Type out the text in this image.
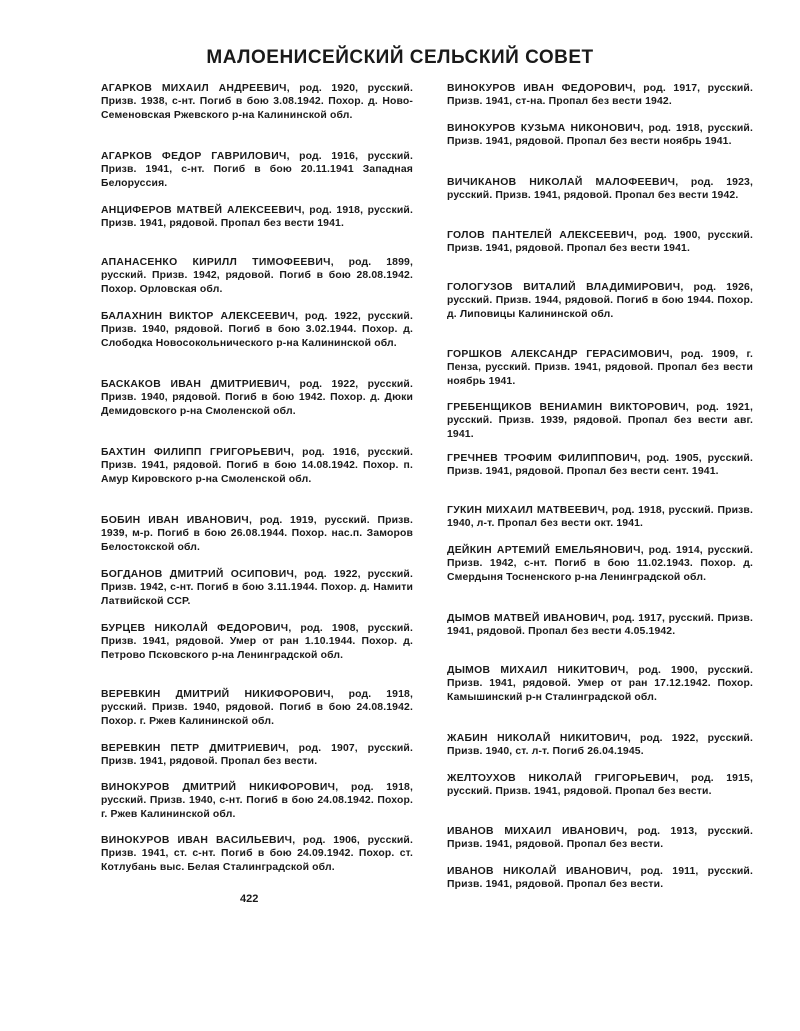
МАЛОЕНИСЕЙСКИЙ СЕЛЬСКИЙ СОВЕТ
АГАРКОВ МИХАИЛ АНДРЕЕВИЧ, род. 1920, русский. Призв. 1938, с-нт. Погиб в бою 3.08.1942. Похор. д. Ново-Семеновская Ржевского р-на Калининской обл.
АГАРКОВ ФЕДОР ГАВРИЛОВИЧ, род. 1916, русский. Призв. 1941, с-нт. Погиб в бою 20.11.1941 Западная Белоруссия.
АНЦИФЕРОВ МАТВЕЙ АЛЕКСЕЕВИЧ, род. 1918, русский. Призв. 1941, рядовой. Пропал без вести 1941.
АПАНАСЕНКО КИРИЛЛ ТИМОФЕЕВИЧ, род. 1899, русский. Призв. 1942, рядовой. Погиб в бою 28.08.1942. Похор. Орловская обл.
БАЛАХНИН ВИКТОР АЛЕКСЕЕВИЧ, род. 1922, русский. Призв. 1940, рядовой. Погиб в бою 3.02.1944. Похор. д. Слободка Новосокольнического р-на Калининской обл.
БАСКАКОВ ИВАН ДМИТРИЕВИЧ, род. 1922, русский. Призв. 1940, рядовой. Погиб в бою 1942. Похор. д. Дюки Демидовского р-на Смоленской обл.
БАХТИН ФИЛИПП ГРИГОРЬЕВИЧ, род. 1916, русский. Призв. 1941, рядовой. Погиб в бою 14.08.1942. Похор. п. Амур Кировского р-на Смоленской обл.
БОБИН ИВАН ИВАНОВИЧ, род. 1919, русский. Призв. 1939, м-р. Погиб в бою 26.08.1944. Похор. нас.п. Заморов Белостокской обл.
БОГДАНОВ ДМИТРИЙ ОСИПОВИЧ, род. 1922, русский. Призв. 1942, с-нт. Погиб в бою 3.11.1944. Похор. д. Намити Латвийской ССР.
БУРЦЕВ НИКОЛАЙ ФЕДОРОВИЧ, род. 1908, русский. Призв. 1941, рядовой. Умер от ран 1.10.1944. Похор. д. Петрово Псковского р-на Ленинградской обл.
ВЕРЕВКИН ДМИТРИЙ НИКИФОРОВИЧ, род. 1918, русский. Призв. 1940, рядовой. Погиб в бою 24.08.1942. Похор. г. Ржев Калининской обл.
ВЕРЕВКИН ПЕТР ДМИТРИЕВИЧ, род. 1907, русский. Призв. 1941, рядовой. Пропал без вести.
ВИНОКУРОВ ДМИТРИЙ НИКИФОРОВИЧ, род. 1918, русский. Призв. 1940, с-нт. Погиб в бою 24.08.1942. Похор. г. Ржев Калининской обл.
ВИНОКУРОВ ИВАН ВАСИЛЬЕВИЧ, род. 1906, русский. Призв. 1941, ст. с-нт. Погиб в бою 24.09.1942. Похор. ст. Котлубань выс. Белая Сталинградской обл.
ВИНОКУРОВ ИВАН ФЕДОРОВИЧ, род. 1917, русский. Призв. 1941, ст-на. Пропал без вести 1942.
ВИНОКУРОВ КУЗЬМА НИКОНОВИЧ, род. 1918, русский. Призв. 1941, рядовой. Пропал без вести ноябрь 1941.
ВИЧИКАНОВ НИКОЛАЙ МАЛОФЕЕВИЧ, род. 1923, русский. Призв. 1941, рядовой. Пропал без вести 1942.
ГОЛОВ ПАНТЕЛЕЙ АЛЕКСЕЕВИЧ, род. 1900, русский. Призв. 1941, рядовой. Пропал без вести 1941.
ГОЛОГУЗОВ ВИТАЛИЙ ВЛАДИМИРОВИЧ, род. 1926, русский. Призв. 1944, рядовой. Погиб в бою 1944. Похор. д. Липовицы Калининской обл.
ГОРШКОВ АЛЕКСАНДР ГЕРАСИМОВИЧ, род. 1909, г. Пенза, русский. Призв. 1941, рядовой. Пропал без вести ноябрь 1941.
ГРЕБЕНЩИКОВ ВЕНИАМИН ВИКТОРОВИЧ, род. 1921, русский. Призв. 1939, рядовой. Пропал без вести авг. 1941.
ГРЕЧНЕВ ТРОФИМ ФИЛИППОВИЧ, род. 1905, русский. Призв. 1941, рядовой. Пропал без вести сент. 1941.
ГУКИН МИХАИЛ МАТВЕЕВИЧ, род. 1918, русский. Призв. 1940, л-т. Пропал без вести окт. 1941.
ДЕЙКИН АРТЕМИЙ ЕМЕЛЬЯНОВИЧ, род. 1914, русский. Призв. 1942, с-нт. Погиб в бою 11.02.1943. Похор. д. Смердыня Тосненского р-на Ленинградской обл.
ДЫМОВ МАТВЕЙ ИВАНОВИЧ, род. 1917, русский. Призв. 1941, рядовой. Пропал без вести 4.05.1942.
ДЫМОВ МИХАИЛ НИКИТОВИЧ, род. 1900, русский. Призв. 1941, рядовой. Умер от ран 17.12.1942. Похор. Камышинский р-н Сталинградской обл.
ЖАБИН НИКОЛАЙ НИКИТОВИЧ, род. 1922, русский. Призв. 1940, ст. л-т. Погиб 26.04.1945.
ЖЕЛТОУХОВ НИКОЛАЙ ГРИГОРЬЕВИЧ, род. 1915, русский. Призв. 1941, рядовой. Пропал без вести.
ИВАНОВ МИХАИЛ ИВАНОВИЧ, род. 1913, русский. Призв. 1941, рядовой. Пропал без вести.
ИВАНОВ НИКОЛАЙ ИВАНОВИЧ, род. 1911, русский. Призв. 1941, рядовой. Пропал без вести.
422
